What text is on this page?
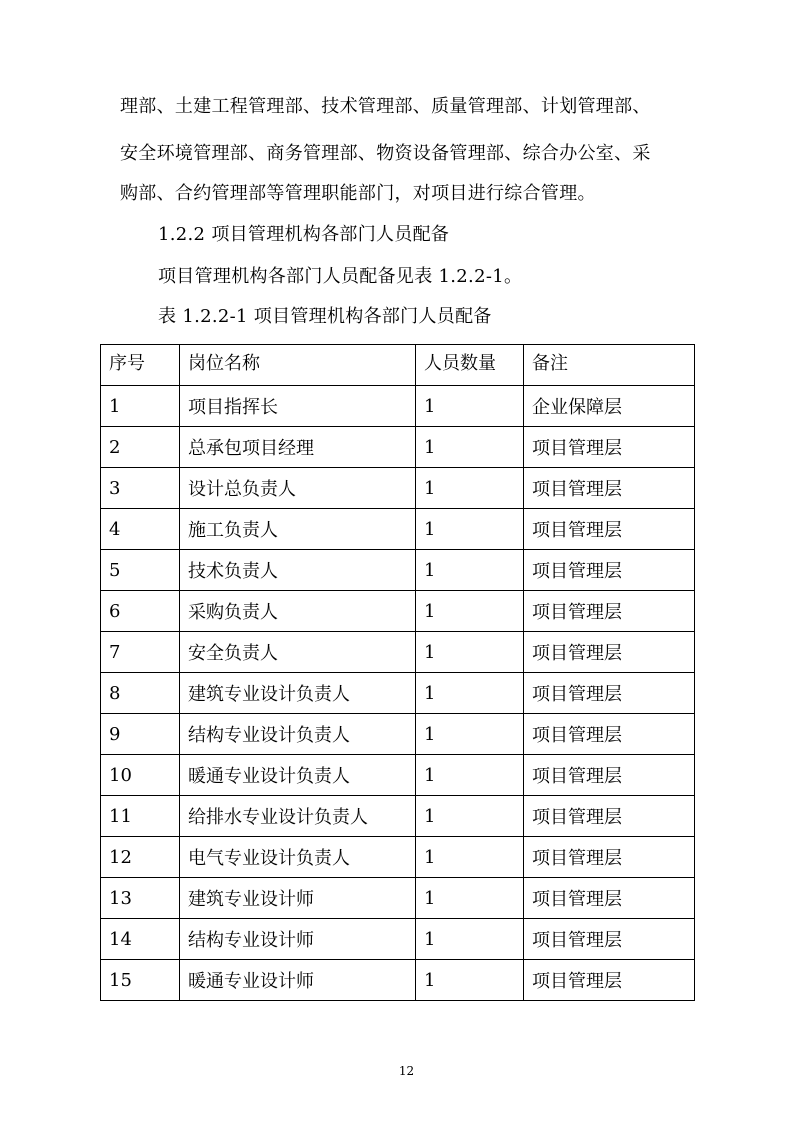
理部、土建工程管理部、技术管理部、质量管理部、计划管理部、
安全环境管理部、商务管理部、物资设备管理部、综合办公室、采
购部、合约管理部等管理职能部门，对项目进行综合管理。
1.2.2 项目管理机构各部门人员配备
项目管理机构各部门人员配备见表 1.2.2-1。
表 1.2.2-1 项目管理机构各部门人员配备
序号	岗位名称	人员数量	备注
1	项目指挥长	1	企业保障层
2	总承包项目经理	1	项目管理层
3	设计总负责人	1	项目管理层
4	施工负责人	1	项目管理层
5	技术负责人	1	项目管理层
6	采购负责人	1	项目管理层
7	安全负责人	1	项目管理层
8	建筑专业设计负责人	1	项目管理层
9	结构专业设计负责人	1	项目管理层
10	暖通专业设计负责人	1	项目管理层
11	给排水专业设计负责人	1	项目管理层
12	电气专业设计负责人	1	项目管理层
13	建筑专业设计师	1	项目管理层
14	结构专业设计师	1	项目管理层
15	暖通专业设计师	1	项目管理层
12
